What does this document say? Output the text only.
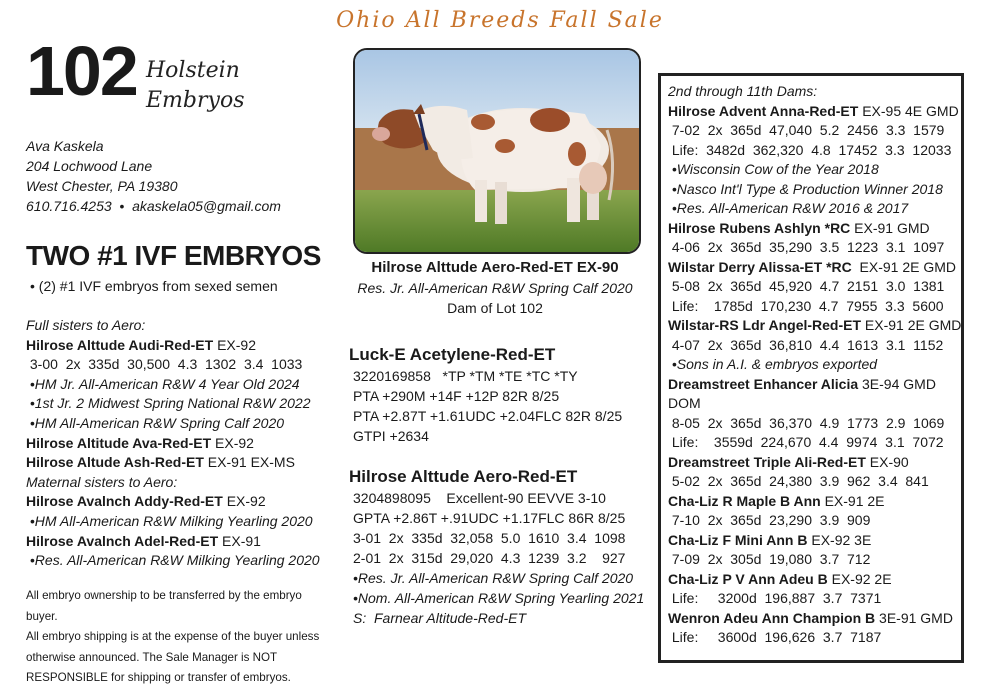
Ohio All Breeds Fall Sale
102 Holstein
Embryos
Ava Kaskela
204 Lochwood Lane
West Chester, PA 19380
610.716.4253  •  akaskela05@gmail.com
TWO #1 IVF EMBRYOS
• (2) #1 IVF embryos from sexed semen
Full sisters to Aero:
Hilrose Alttude Audi-Red-ET EX-92
3-00  2x  335d  30,500  4.3  1302  3.4  1033
•HM Jr. All-American R&W 4 Year Old 2024
•1st Jr. 2 Midwest Spring National R&W 2022
•HM All-American R&W Spring Calf 2020
Hilrose Altitude Ava-Red-ET EX-92
Hilrose Altude Ash-Red-ET EX-91 EX-MS
Maternal sisters to Aero:
Hilrose Avalnch Addy-Red-ET EX-92
•HM All-American R&W Milking Yearling 2020
Hilrose Avalnch Adel-Red-ET EX-91
•Res. All-American R&W Milking Yearling 2020
All embryo ownership to be transferred by the embryo buyer.
All embryo shipping is at the expense of the buyer unless
otherwise announced. The Sale Manager is NOT
RESPONSIBLE for shipping or transfer of embryos.
Hilrose Alttude Aero-Red-ET EX-90
Res. Jr. All-American R&W Spring Calf 2020
Dam of Lot 102
Luck-E Acetylene-Red-ET
3220169858   *TP *TM *TE *TC *TY
PTA +290M +14F +12P 82R 8/25
PTA +2.87T +1.61UDC +2.04FLC 82R 8/25
GTPI +2634
Hilrose Alttude Aero-Red-ET
3204898095    Excellent-90 EEVVE 3-10
GPTA +2.86T +.91UDC +1.17FLC 86R 8/25
3-01  2x  335d  32,058  5.0  1610  3.4  1098
2-01  2x  315d  29,020  4.3  1239  3.2    927
•Res. Jr. All-American R&W Spring Calf 2020
•Nom. All-American R&W Spring Yearling 2021
S:  Farnear Altitude-Red-ET
2nd through 11th Dams:
Hilrose Advent Anna-Red-ET EX-95 4E GMD
7-02  2x  365d  47,040  5.2  2456  3.3  1579
Life:  3482d  362,320  4.8  17452  3.3  12033
•Wisconsin Cow of the Year 2018
•Nasco Int'l Type & Production Winner 2018
•Res. All-American R&W 2016 & 2017
Hilrose Rubens Ashlyn *RC EX-91 GMD
4-06  2x  365d  35,290  3.5  1223  3.1  1097
Wilstar Derry Alissa-ET *RC  EX-91 2E GMD
5-08  2x  365d  45,920  4.7  2151  3.0  1381
Life:    1785d  170,230  4.7  7955  3.3  5600
Wilstar-RS Ldr Angel-Red-ET EX-91 2E GMD
4-07  2x  365d  36,810  4.4  1613  3.1  1152
•Sons in A.I. & embryos exported
Dreamstreet Enhancer Alicia 3E-94 GMD
DOM
8-05  2x  365d  36,370  4.9  1773  2.9  1069
Life:    3559d  224,670  4.4  9974  3.1  7072
Dreamstreet Triple Ali-Red-ET EX-90
5-02  2x  365d  24,380  3.9  962  3.4  841
Cha-Liz R Maple B Ann EX-91 2E
7-10  2x  365d  23,290  3.9  909
Cha-Liz F Mini Ann B EX-92 3E
7-09  2x  305d  19,080  3.7  712
Cha-Liz P V Ann Adeu B EX-92 2E
Life:     3200d  196,887  3.7  7371
Wenron Adeu Ann Champion B 3E-91 GMD
Life:     3600d  196,626  3.7  7187
